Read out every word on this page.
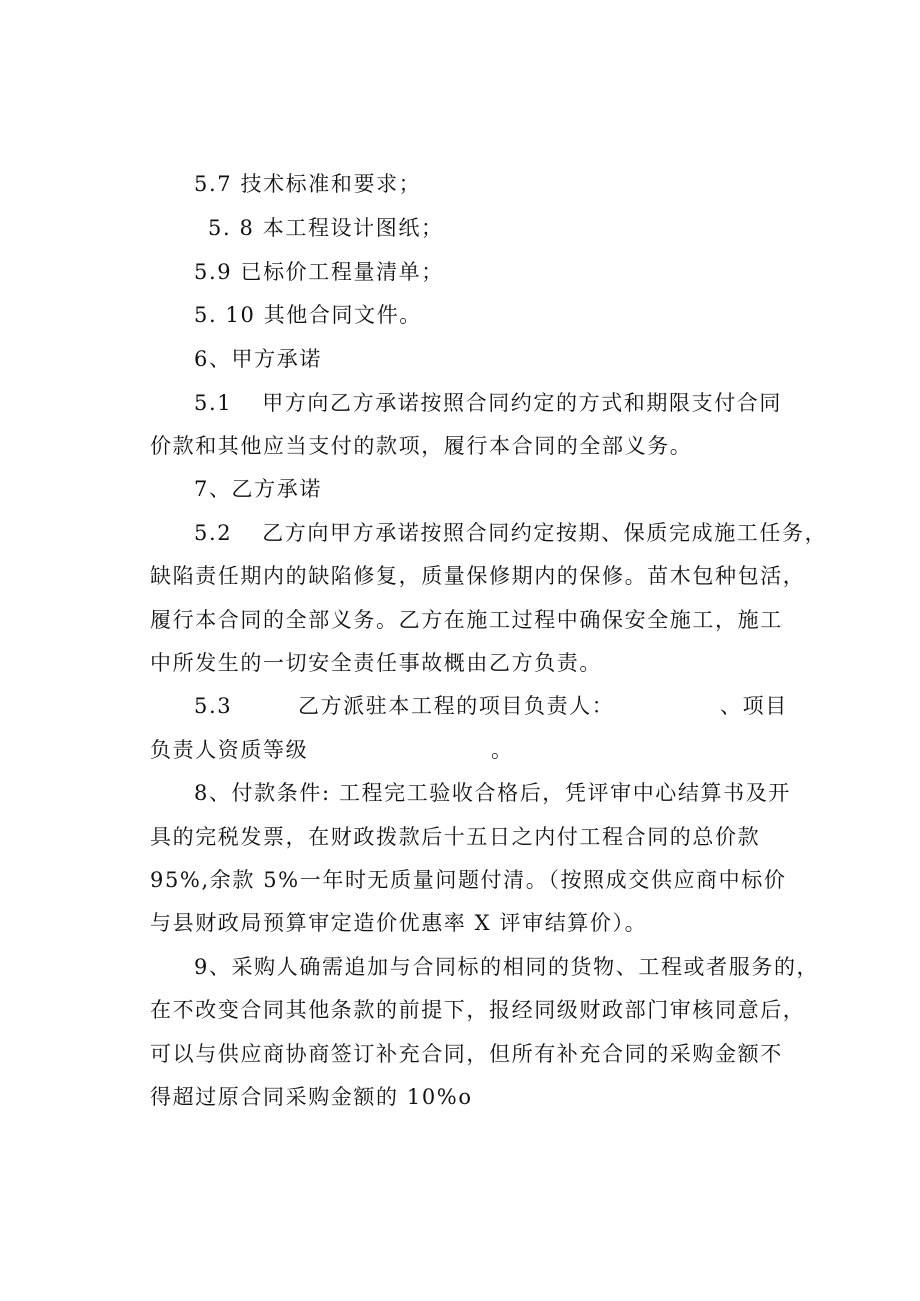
5.7 技术标准和要求；
5. 8 本工程设计图纸；
5.9 已标价工程量清单；
5. 10 其他合同文件。
6、甲方承诺
5.1 甲方向乙方承诺按照合同约定的方式和期限支付合同
价款和其他应当支付的款项，履行本合同的全部义务。
7、乙方承诺
5.2 乙方向甲方承诺按照合同约定按期、保质完成施工任务，
缺陷责任期内的缺陷修复，质量保修期内的保修。苗木包种包活，
履行本合同的全部义务。乙方在施工过程中确保安全施工，施工
中所发生的一切安全责任事故概由乙方负责。
5.3	乙方派驻本工程的项目负责人：	、项目
负责人资质等级	。
8、付款条件: 工程完工验收合格后，凭评审中心结算书及开
具的完税发票，在财政拨款后十五日之内付工程合同的总价款
95%,余款 5%一年时无质量问题付清。（按照成交供应商中标价
与县财政局预算审定造价优惠率 X 评审结算价）。
9、采购人确需追加与合同标的相同的货物、工程或者服务的，
在不改变合同其他条款的前提下，报经同级财政部门审核同意后，
可以与供应商协商签订补充合同，但所有补充合同的采购金额不
得超过原合同采购金额的 10%o
